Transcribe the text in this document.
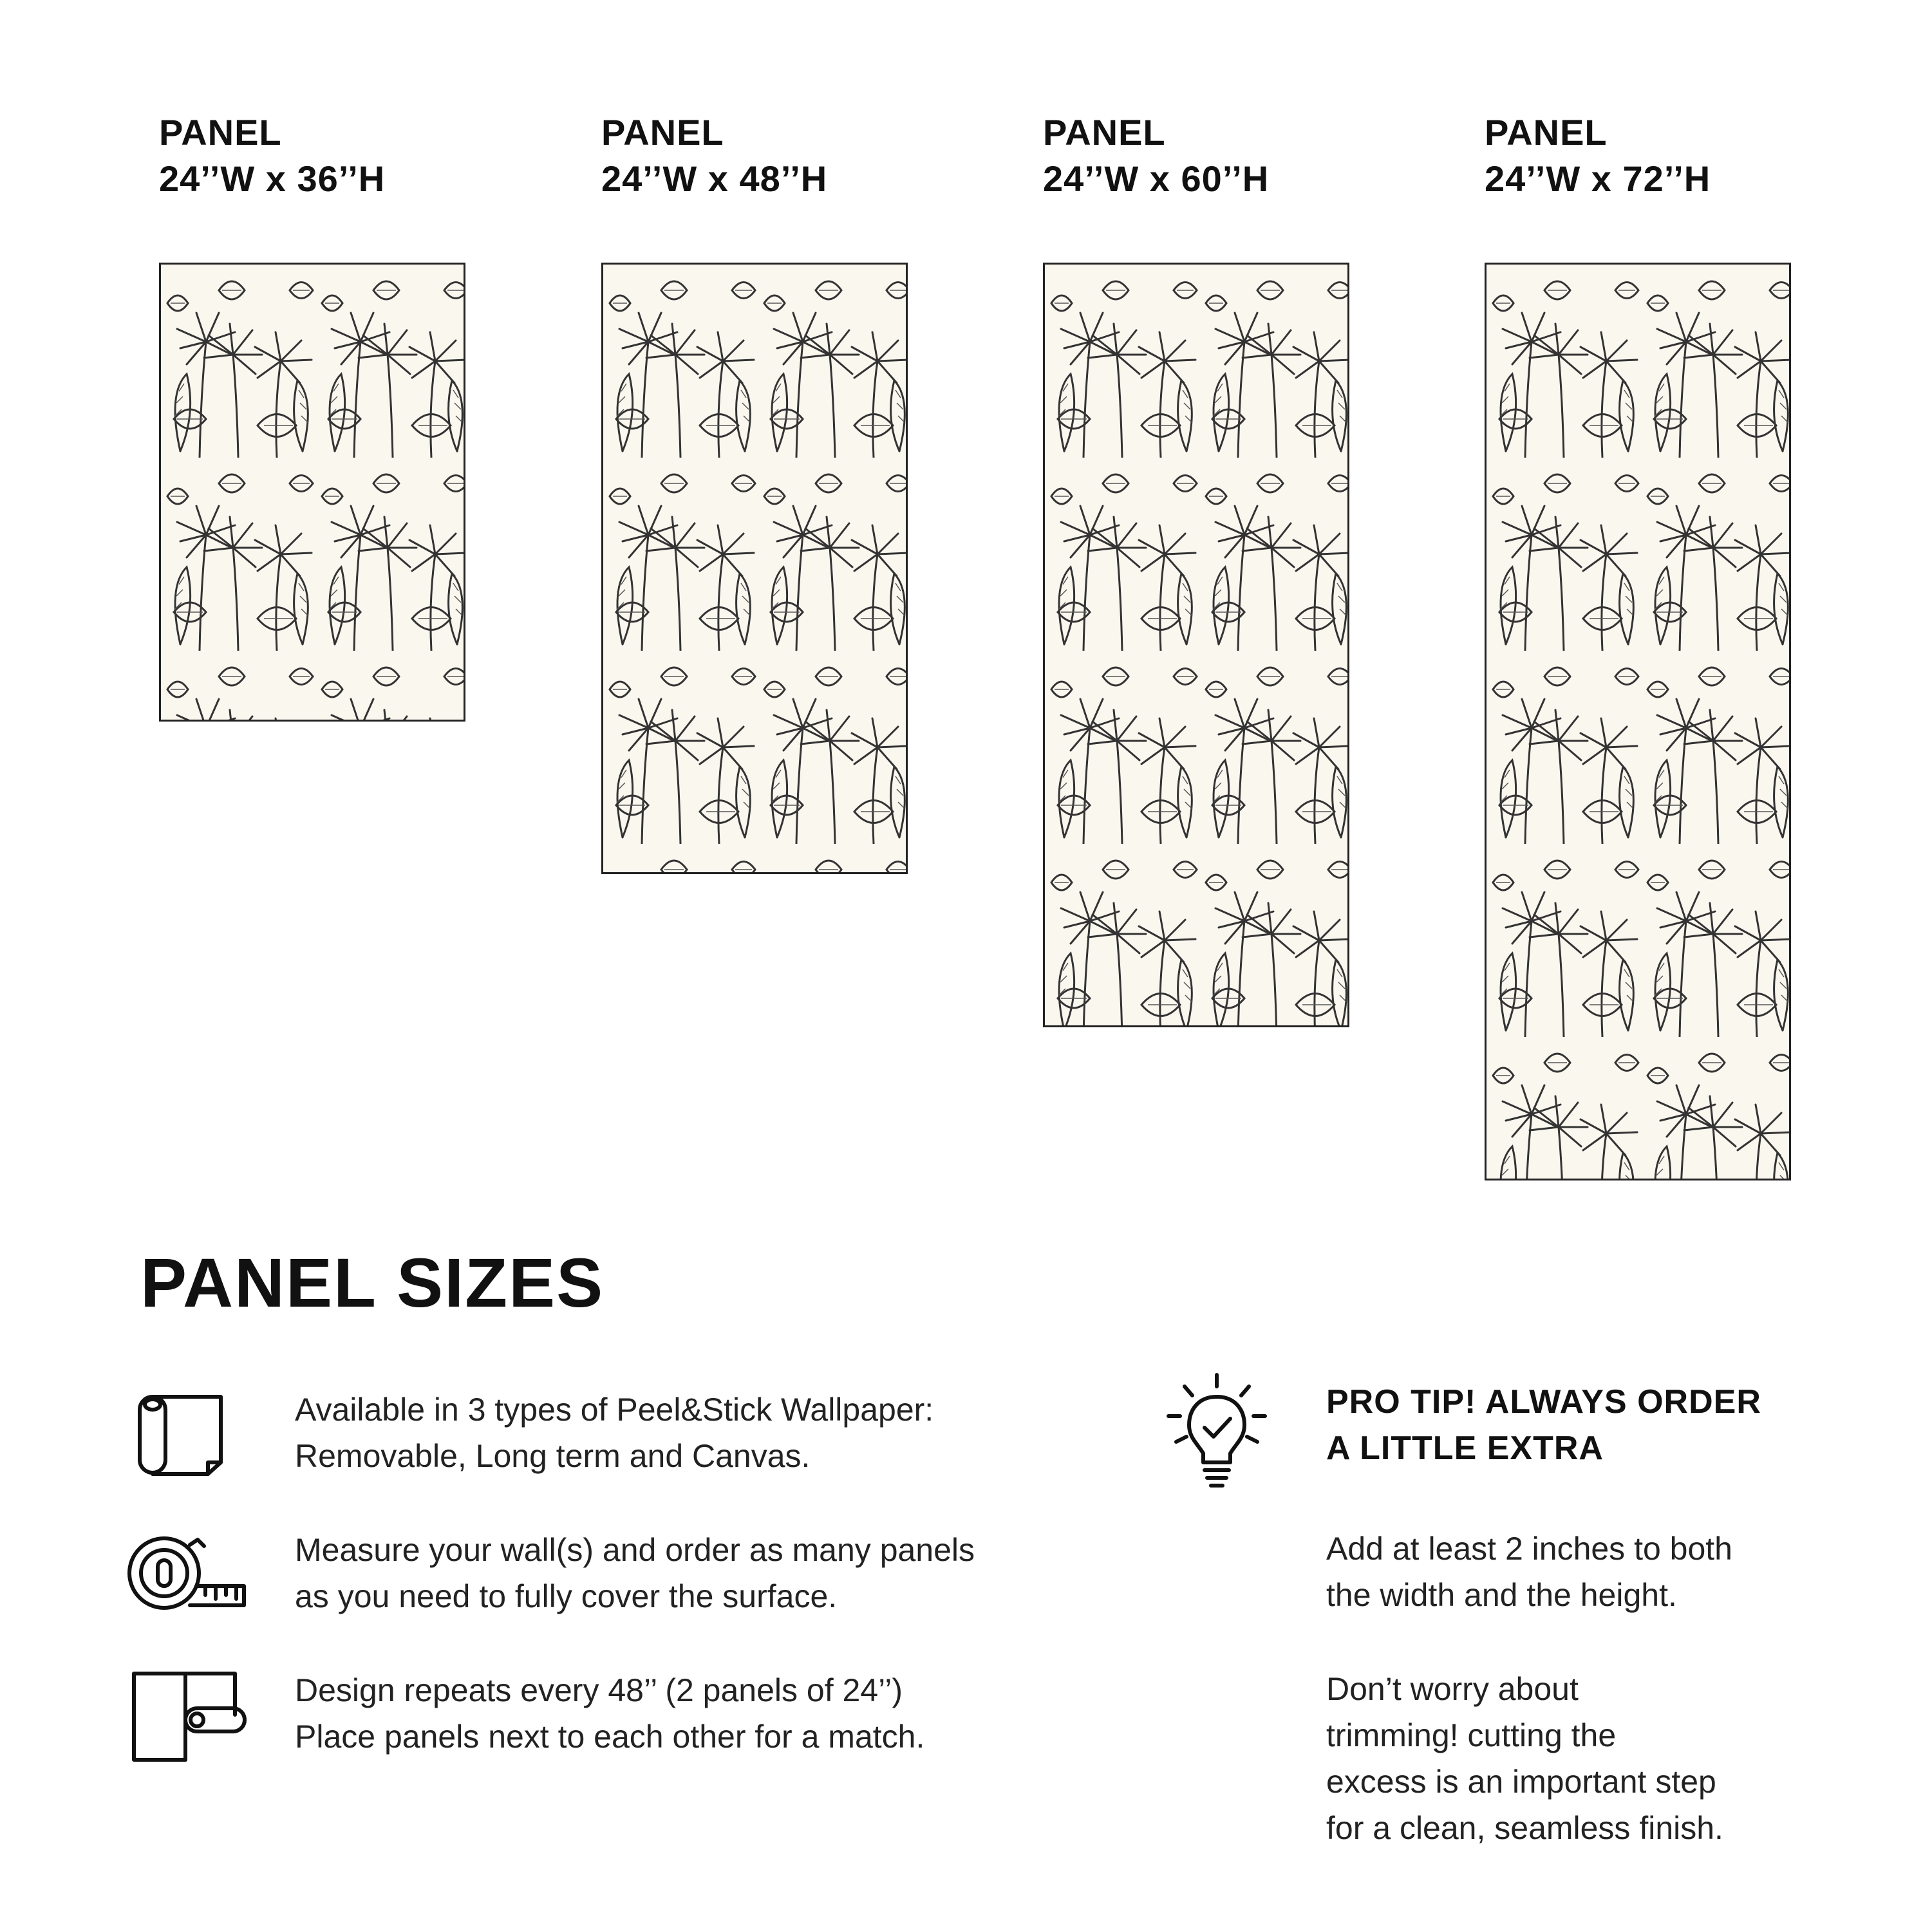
PANEL
24’’W x 36’’H
PANEL
24’’W x 48’’H
PANEL
24’’W x 60’’H
PANEL
24’’W x 72’’H
PANEL SIZES
Available in 3 types of Peel&Stick Wallpaper:
Removable, Long term and Canvas.
Measure your wall(s) and order as many panels
as you need to fully cover the surface.
Design repeats every 48’’ (2 panels of 24’’)
Place panels next to each other for a match.
PRO TIP! ALWAYS ORDER
A LITTLE EXTRA
Add at least 2 inches to both
the width and the height.
Don’t worry about
trimming! cutting the
excess is an important step
for a clean, seamless finish.
